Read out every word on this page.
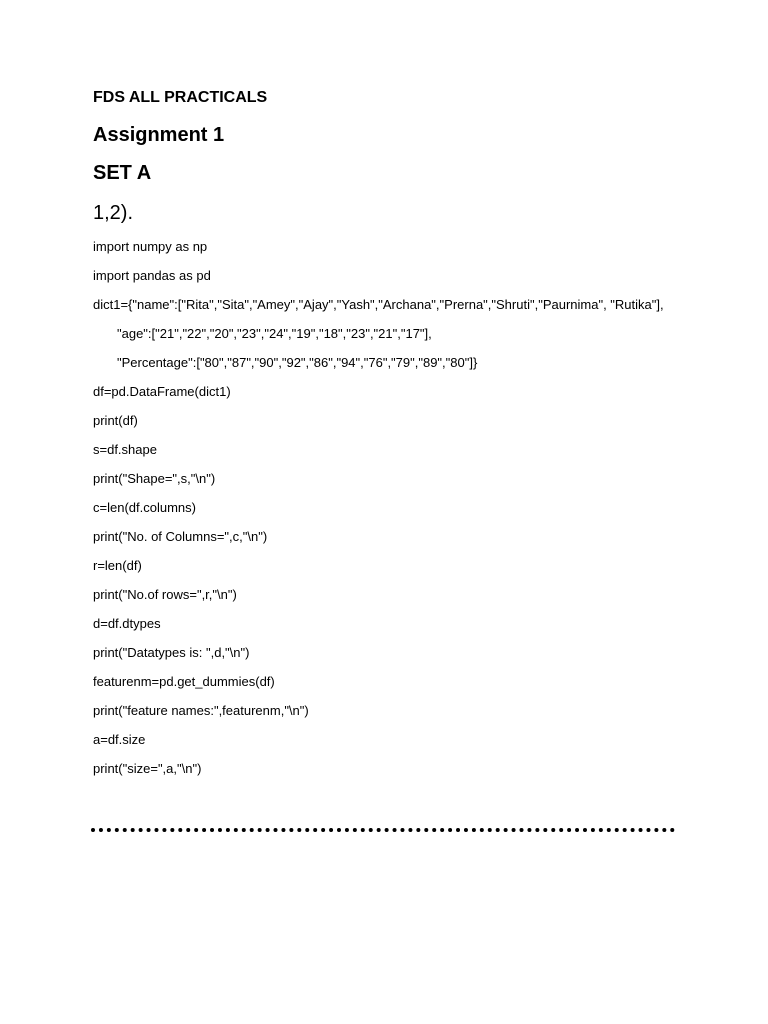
FDS ALL PRACTICALS
Assignment 1
SET A
1,2).

import numpy as np

import pandas as pd

dict1={"name":["Rita","Sita","Amey","Ajay","Yash","Archana","Prerna","Shruti","Paurnima", "Rutika"],

"age":["21","22","20","23","24","19","18","23","21","17"],

"Percentage":["80","87","90","92","86","94","76","79","89","80"]}

df=pd.DataFrame(dict1)

print(df)

s=df.shape

print("Shape=",s,"\n")

c=len(df.columns)

print("No. of Columns=",c,"\n")

r=len(df)

print("No.of rows=",r,"\n")

d=df.dtypes

print("Datatypes is: ",d,"\n")

featurenm=pd.get_dummies(df)

print("feature names:",featurenm,"\n")

a=df.size

print("size=",a,"\n")
